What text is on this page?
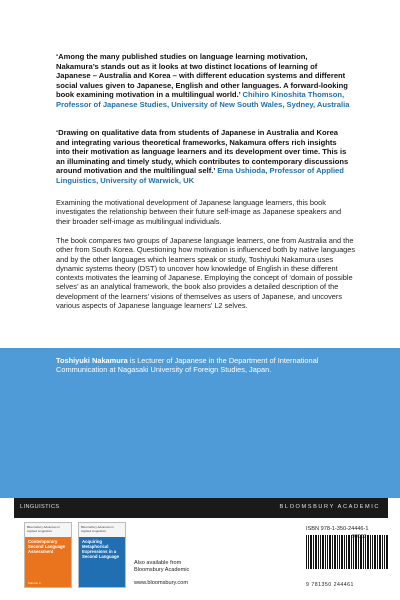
‘Among the many published studies on language learning motivation, Nakamura’s stands out as it looks at two distinct locations of learning of Japanese – Australia and Korea – with different education systems and different social values given to Japanese, English and other languages. A forward-looking book examining motivation in a multilingual world.’ Chihiro Kinoshita Thomson, Professor of Japanese Studies, University of New South Wales, Sydney, Australia
‘Drawing on qualitative data from students of Japanese in Australia and Korea and integrating various theoretical frameworks, Nakamura offers rich insights into their motivation as language learners and its development over time. This is an illuminating and timely study, which contributes to contemporary discussions around motivation and the multilingual self.’ Ema Ushioda, Professor of Applied Linguistics, University of Warwick, UK
Examining the motivational development of Japanese language learners, this book investigates the relationship between their future self-image as Japanese speakers and their broader self-image as multilingual individuals.
The book compares two groups of Japanese language learners, one from Australia and the other from South Korea. Questioning how motivation is influenced both by native languages and by the other languages which learners speak or study, Toshiyuki Nakamura uses dynamic systems theory (DST) to uncover how knowledge of English in these different contexts motivates the learning of Japanese. Employing the concept of ‘domain of possible selves’ as an analytical framework, the book also provides a detailed description of the development of the learners’ visions of themselves as users of Japanese, and uncovers various aspects of Japanese language learners’ L2 selves.
Toshiyuki Nakamura is Lecturer of Japanese in the Department of International Communication at Nagasaki University of Foreign Studies, Japan.
LINGUISTICS	BLOOMSBURY ACADEMIC
Bloomsbury Advances in Applied Linguistics
Contemporary Second Language Assessment
Volume 4
Bloomsbury Advances in Applied Linguistics
Acquiring Metaphorical Expressions in a Second Language
Also available from
Bloomsbury Academic
www.bloomsbury.com
ISBN 978-1-350-24446-1
9 781350 244461
90000
